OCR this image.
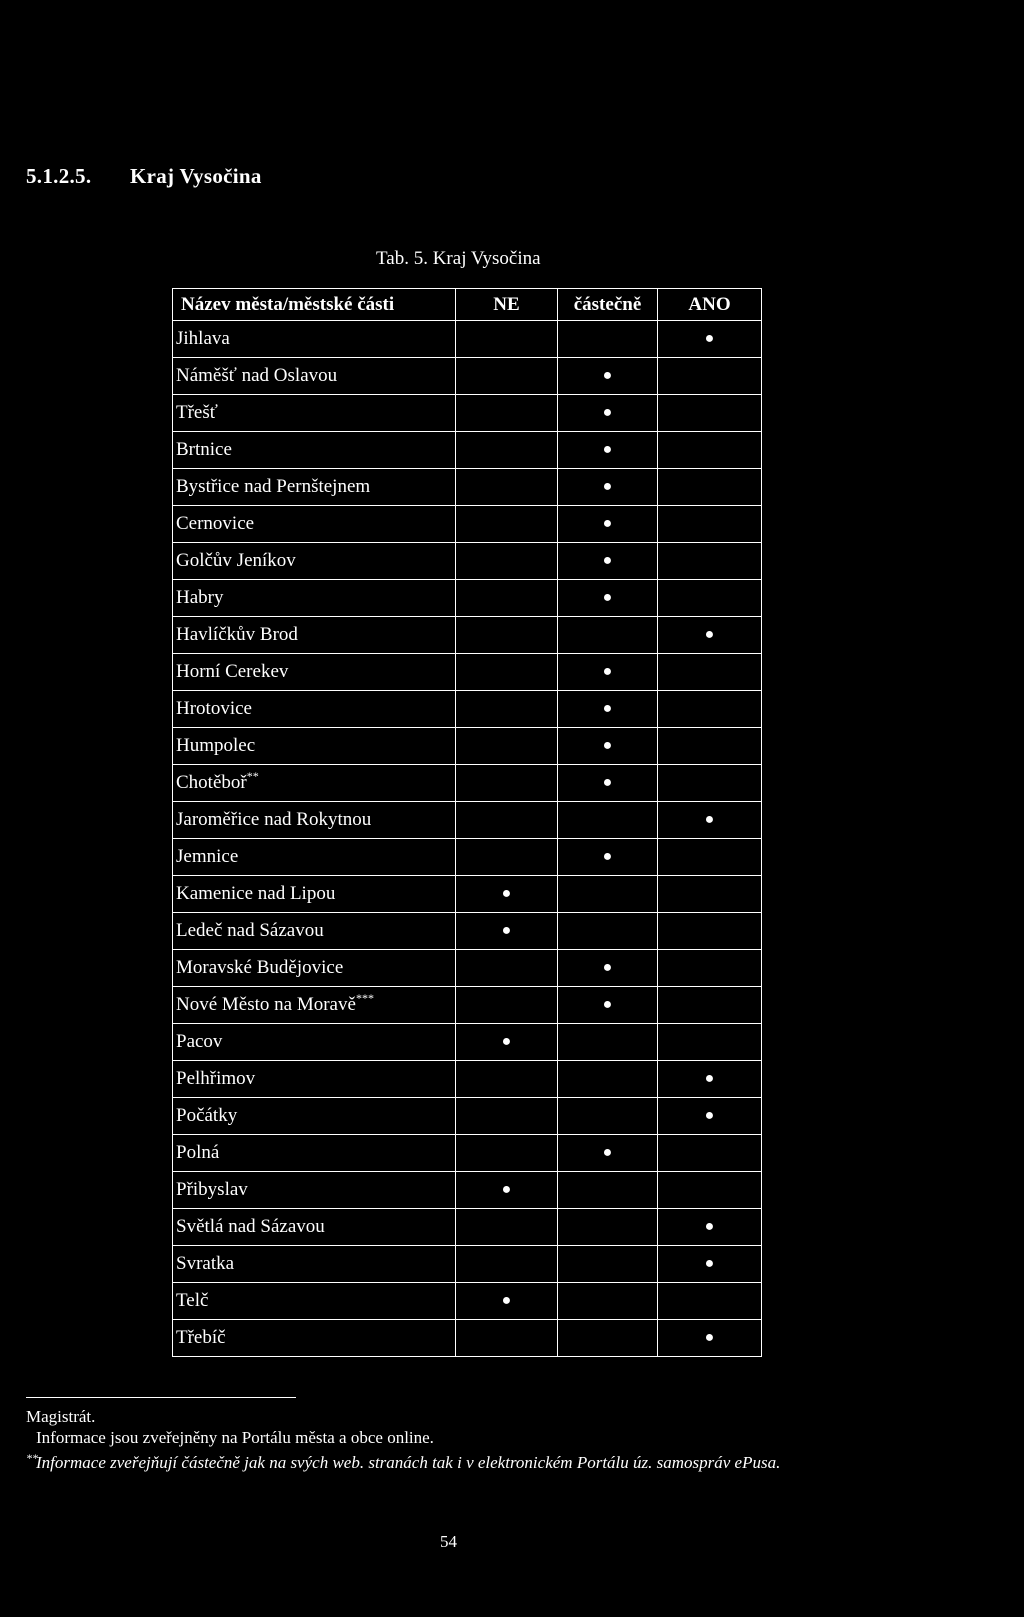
5.1.2.5. Kraj Vysočina
Tab. 5. Kraj Vysočina
Název města/městské části	NE	částečně	ANO
Jihlava			●
Náměšť nad Oslavou		●	
Třešť		●	
Brtnice		●	
Bystřice nad Pernštejnem		●	
Cernovice		●	
Golčův Jeníkov		●	
Habry		●	
Havlíčkův Brod			●
Horní Cerekev		●	
Hrotovice		●	
Humpolec		●	
Chotěboř**		●	
Jaroměřice nad Rokytnou			●
Jemnice		●	
Kamenice nad Lipou	●		
Ledeč nad Sázavou	●		
Moravské Budějovice		●	
Nové Město na Moravě***		●	
Pacov	●		
Pelhřimov			●
Počátky			●
Polná		●	
Přibyslav	●		
Světlá nad Sázavou			●
Svratka			●
Telč	●		
Třebíč			●
Magistrát.
Informace jsou zveřejněny na Portálu města a obce online.
**Informace zveřejňují částečně jak na svých web. stranách tak i v elektronickém Portálu úz. samospráv ePusa.
54
